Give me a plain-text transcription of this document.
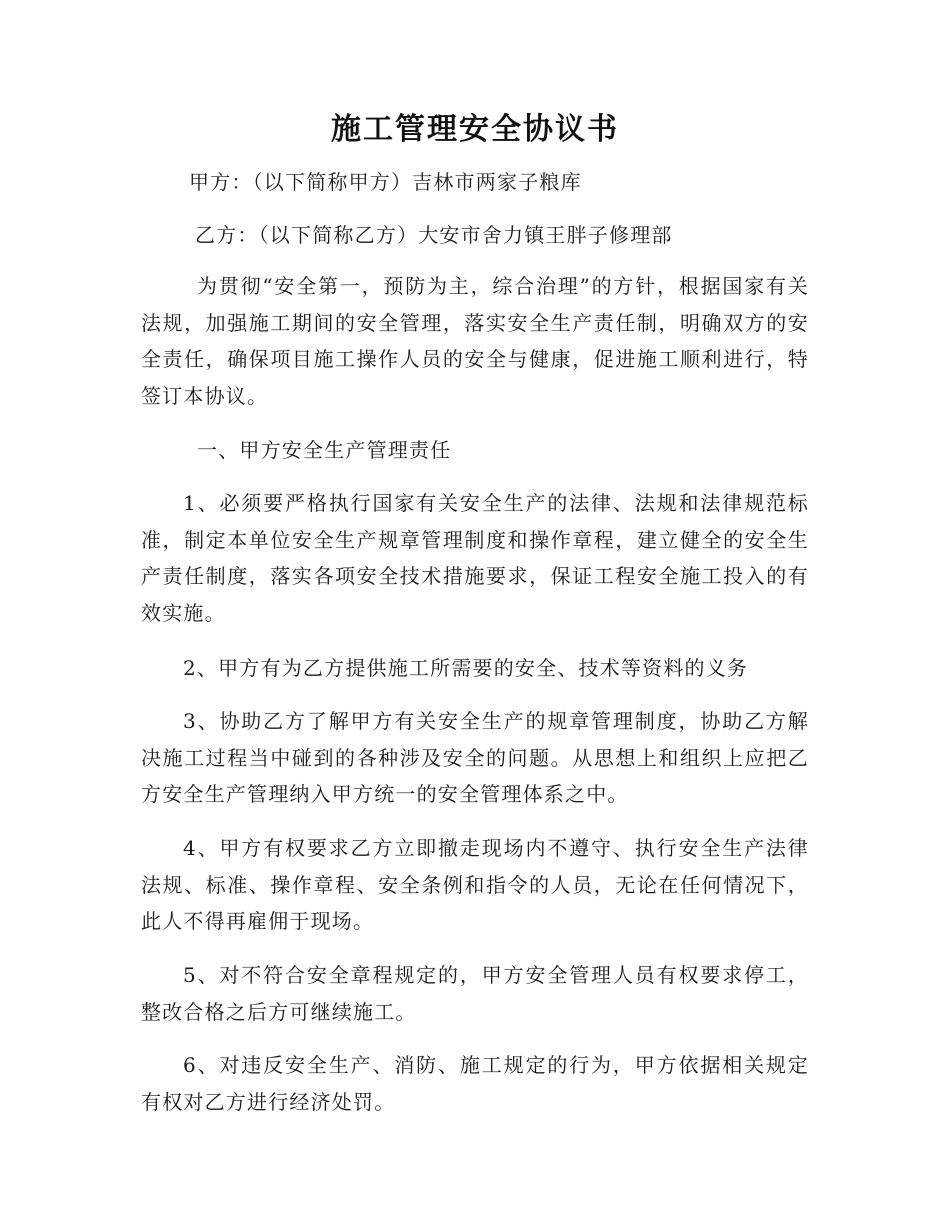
施工管理安全协议书

甲方：（以下简称甲方）吉林市两家子粮库

乙方：（以下简称乙方）大安市舍力镇王胖子修理部

为贯彻“安全第一，预防为主，综合治理”的方针，根据国家有关法规，加强施工期间的安全管理，落实安全生产责任制，明确双方的安全责任，确保项目施工操作人员的安全与健康，促进施工顺利进行，特签订本协议。

一、甲方安全生产管理责任

1、必须要严格执行国家有关安全生产的法律、法规和法律规范标准，制定本单位安全生产规章管理制度和操作章程，建立健全的安全生产责任制度，落实各项安全技术措施要求，保证工程安全施工投入的有效实施。

2、甲方有为乙方提供施工所需要的安全、技术等资料的义务

3、协助乙方了解甲方有关安全生产的规章管理制度，协助乙方解决施工过程当中碰到的各种涉及安全的问题。从思想上和组织上应把乙方安全生产管理纳入甲方统一的安全管理体系之中。

4、甲方有权要求乙方立即撤走现场内不遵守、执行安全生产法律法规、标准、操作章程、安全条例和指令的人员，无论在任何情况下，此人不得再雇佣于现场。

5、对不符合安全章程规定的，甲方安全管理人员有权要求停工，整改合格之后方可继续施工。

6、对违反安全生产、消防、施工规定的行为，甲方依据相关规定有权对乙方进行经济处罚。
